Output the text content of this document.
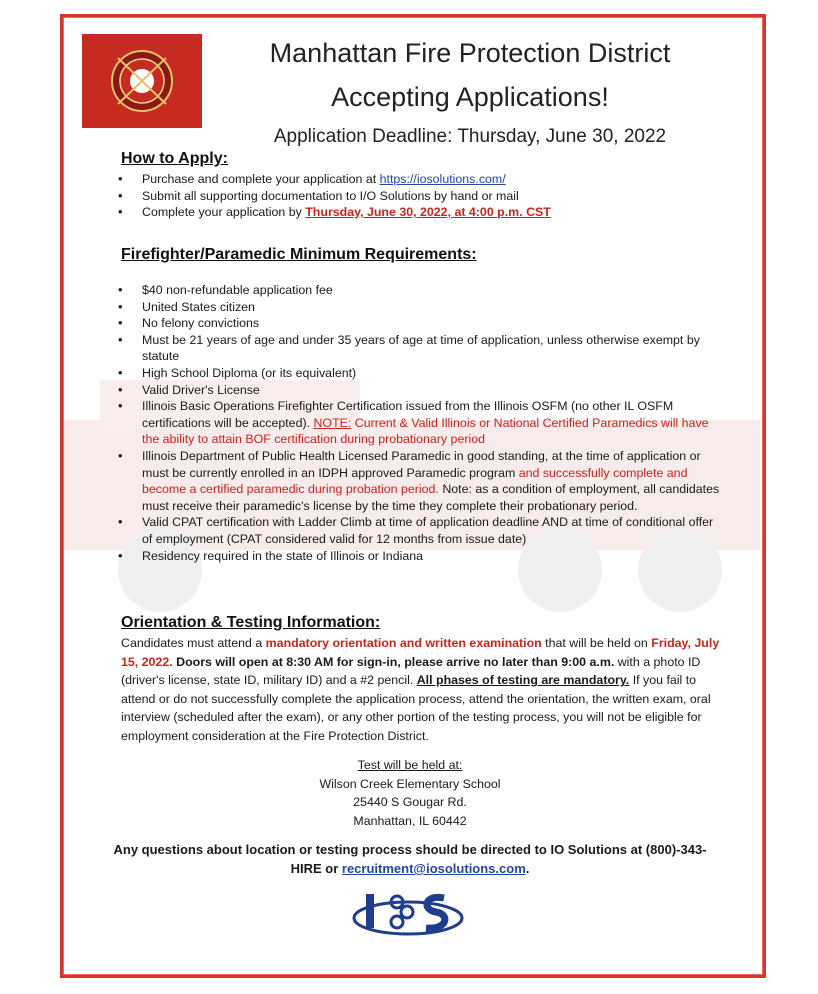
Manhattan Fire Protection District
Accepting Applications!
Application Deadline: Thursday, June 30, 2022
How to Apply:
• Purchase and complete your application at https://iosolutions.com/
• Submit all supporting documentation to I/O Solutions by hand or mail
• Complete your application by Thursday, June 30, 2022, at 4:00 p.m. CST
Firefighter/Paramedic Minimum Requirements:
• $40 non-refundable application fee
• United States citizen
• No felony convictions
• Must be 21 years of age and under 35 years of age at time of application, unless otherwise exempt by statute
• High School Diploma (or its equivalent)
• Valid Driver's License
• Illinois Basic Operations Firefighter Certification issued from the Illinois OSFM (no other IL OSFM certifications will be accepted). NOTE: Current & Valid Illinois or National Certified Paramedics will have the ability to attain BOF certification during probationary period
• Illinois Department of Public Health Licensed Paramedic in good standing, at the time of application or must be currently enrolled in an IDPH approved Paramedic program and successfully complete and become a certified paramedic during probation period. Note: as a condition of employment, all candidates must receive their paramedic's license by the time they complete their probationary period.
• Valid CPAT certification with Ladder Climb at time of application deadline AND at time of conditional offer of employment (CPAT considered valid for 12 months from issue date)
• Residency required in the state of Illinois or Indiana
Orientation & Testing Information:
Candidates must attend a mandatory orientation and written examination that will be held on Friday, July 15, 2022. Doors will open at 8:30 AM for sign-in, please arrive no later than 9:00 a.m. with a photo ID (driver's license, state ID, military ID) and a #2 pencil. All phases of testing are mandatory. If you fail to attend or do not successfully complete the application process, attend the orientation, the written exam, oral interview (scheduled after the exam), or any other portion of the testing process, you will not be eligible for employment consideration at the Fire Protection District.
Test will be held at:
Wilson Creek Elementary School
25440 S Gougar Rd.
Manhattan, IL 60442
Any questions about location or testing process should be directed to IO Solutions at (800)-343-HIRE or recruitment@iosolutions.com.
